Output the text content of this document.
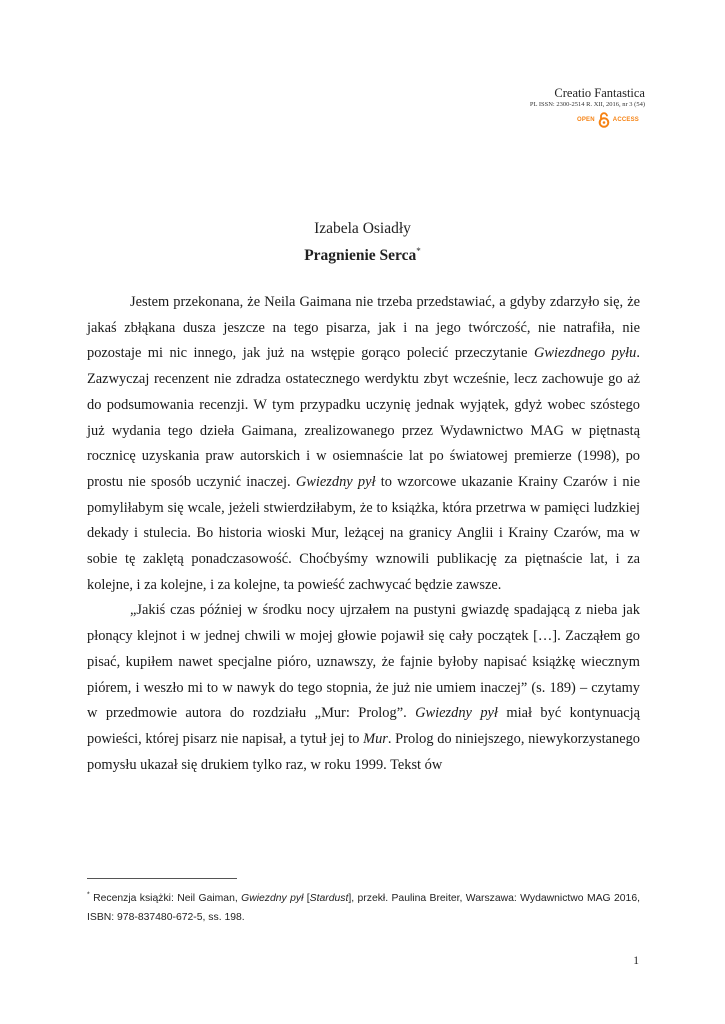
Creatio Fantastica
PL ISSN: 2300-2514 R. XII, 2016, nr 3 (54)
OPEN	ACCESS
Izabela Osiadły
Pragnienie Serca*

Jestem przekonana, że Neila Gaimana nie trzeba przedstawiać, a gdyby zdarzyło się, że jakaś zbłąkana dusza jeszcze na tego pisarza, jak i na jego twórczość, nie natrafiła, nie pozostaje mi nic innego, jak już na wstępie gorąco polecić przeczytanie Gwiezdnego pyłu. Zazwyczaj recenzent nie zdradza ostatecznego werdyktu zbyt wcześnie, lecz zachowuje go aż do podsumowania recenzji. W tym przypadku uczynię jednak wyjątek, gdyż wobec szóstego już wydania tego dzieła Gaimana, zrealizowanego przez Wydawnictwo MAG w piętnastą rocznicę uzyskania praw autorskich i w osiemnaście lat po światowej premierze (1998), po prostu nie sposób uczynić inaczej. Gwiezdny pył to wzorcowe ukazanie Krainy Czarów i nie pomyliłabym się wcale, jeżeli stwierdziłabym, że to książka, która przetrwa w pamięci ludzkiej dekady i stulecia. Bo historia wioski Mur, leżącej na granicy Anglii i Krainy Czarów, ma w sobie tę zaklętą ponadczasowość. Choćbyśmy wznowili publikację za piętnaście lat, i za kolejne, i za kolejne, i za kolejne, ta powieść zachwycać będzie zawsze.

„Jakiś czas później w środku nocy ujrzałem na pustyni gwiazdę spadającą z nieba jak płonący klejnot i w jednej chwili w mojej głowie pojawił się cały początek […]. Zacząłem go pisać, kupiłem nawet specjalne pióro, uznawszy, że fajnie byłoby napisać książkę wiecznym piórem, i weszło mi to w nawyk do tego stopnia, że już nie umiem inaczej” (s. 189) – czytamy w przedmowie autora do rozdziału „Mur: Prolog”. Gwiezdny pył miał być kontynuacją powieści, której pisarz nie napisał, a tytuł jej to Mur. Prolog do niniejszego, niewykorzystanego pomysłu ukazał się drukiem tylko raz, w roku 1999. Tekst ów

* Recenzja książki: Neil Gaiman, Gwiezdny pył [Stardust], przekł. Paulina Breiter, Warszawa: Wydawnictwo MAG 2016, ISBN: 978-837480-672-5, ss. 198.
1
